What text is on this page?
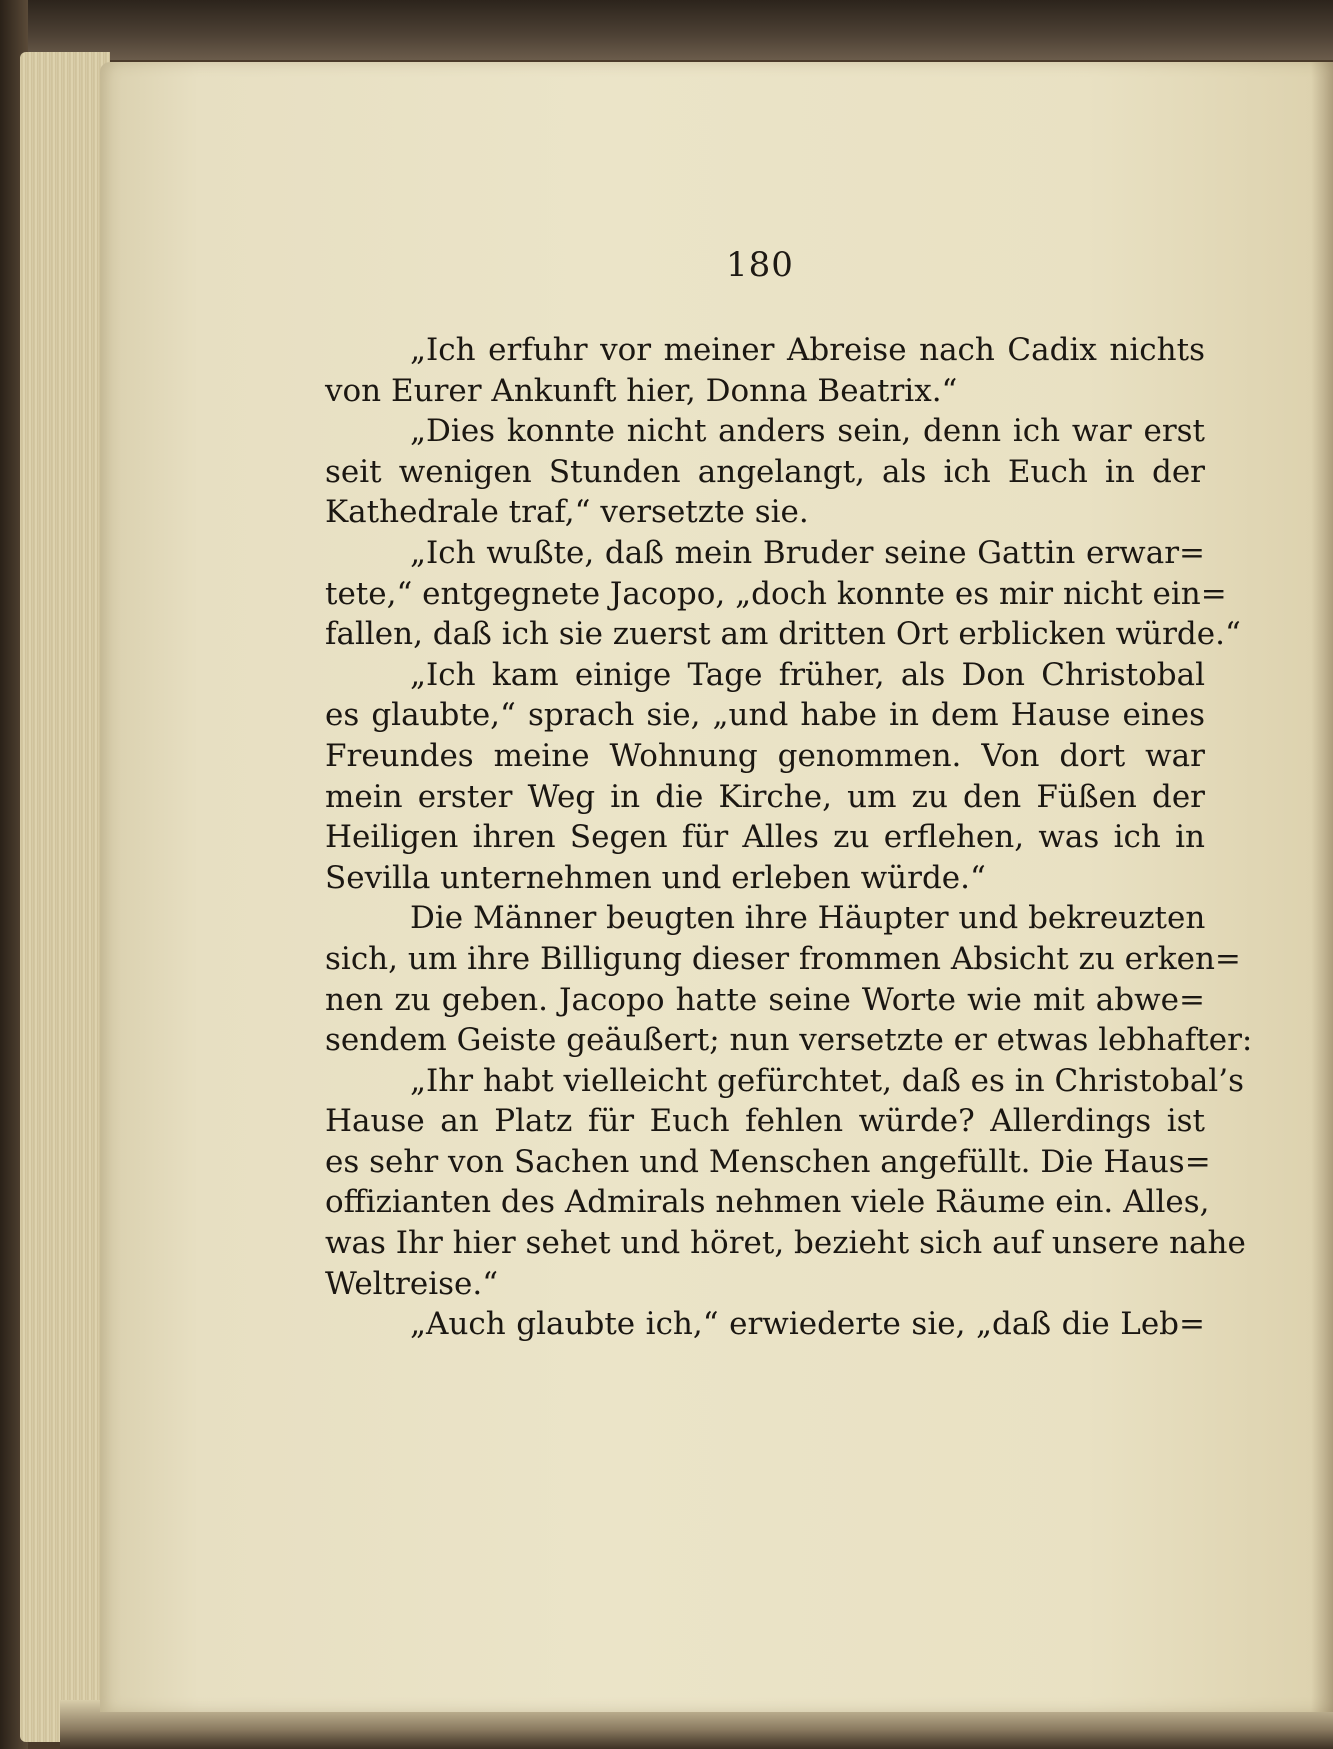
180
„Ich erfuhr vor meiner Abreise nach Cadix nichts
von Eurer Ankunft hier, Donna Beatrix.“
„Dies konnte nicht anders sein, denn ich war erst
seit wenigen Stunden angelangt, als ich Euch in der
Kathedrale traf,“ versetzte sie.
„Ich wußte, daß mein Bruder seine Gattin erwar=
tete,“ entgegnete Jacopo, „doch konnte es mir nicht ein=
fallen, daß ich sie zuerst am dritten Ort erblicken würde.“
„Ich kam einige Tage früher, als Don Christobal
es glaubte,“ sprach sie, „und habe in dem Hause eines
Freundes meine Wohnung genommen. Von dort war
mein erster Weg in die Kirche, um zu den Füßen der
Heiligen ihren Segen für Alles zu erflehen, was ich in
Sevilla unternehmen und erleben würde.“
Die Männer beugten ihre Häupter und bekreuzten
sich, um ihre Billigung dieser frommen Absicht zu erken=
nen zu geben. Jacopo hatte seine Worte wie mit abwe=
sendem Geiste geäußert; nun versetzte er etwas lebhafter:
„Ihr habt vielleicht gefürchtet, daß es in Christobal’s
Hause an Platz für Euch fehlen würde? Allerdings ist
es sehr von Sachen und Menschen angefüllt. Die Haus=
offizianten des Admirals nehmen viele Räume ein. Alles,
was Ihr hier sehet und höret, bezieht sich auf unsere nahe
Weltreise.“
„Auch glaubte ich,“ erwiederte sie, „daß die Leb=
